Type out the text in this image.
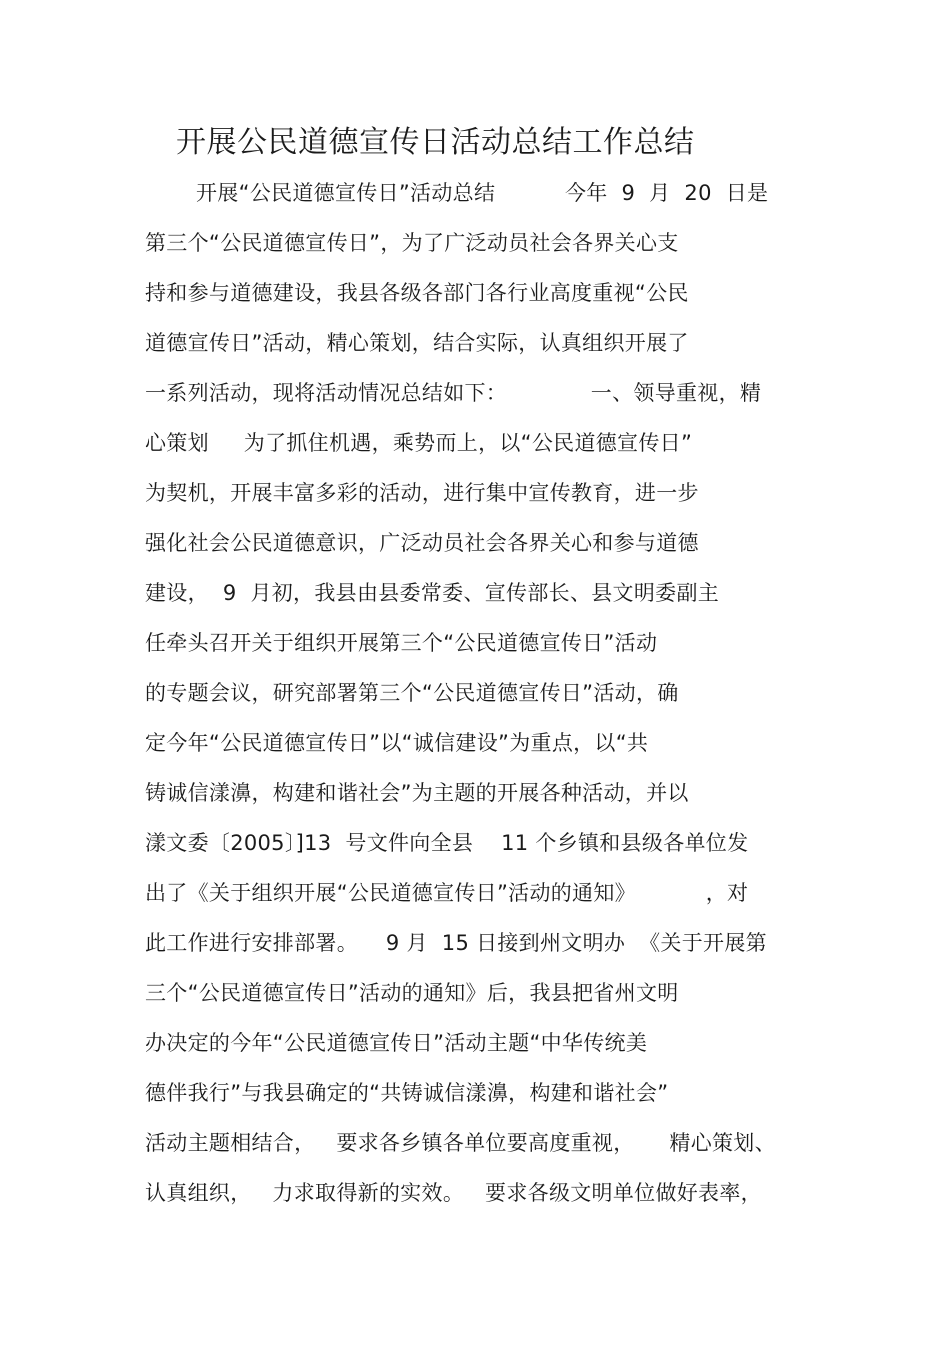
开展公民道德宣传日活动总结工作总结
开展“公民道德宣传日”活动总结          今年  9  月  20  日是
第三个“公民道德宣传日”，为了广泛动员社会各界关心支
持和参与道德建设，我县各级各部门各行业高度重视“公民
道德宣传日”活动，精心策划，结合实际，认真组织开展了
一系列活动，现将活动情况总结如下：            一、领导重视，精
心策划     为了抓住机遇，乘势而上，以“公民道德宣传日”
为契机，开展丰富多彩的活动，进行集中宣传教育，进一步
强化社会公民道德意识，广泛动员社会各界关心和参与道德
建设，  9  月初，我县由县委常委、宣传部长、县文明委副主
任牵头召开关于组织开展第三个“公民道德宣传日”活动
的专题会议，研究部署第三个“公民道德宣传日”活动，确
定今年“公民道德宣传日”以“诚信建设”为重点，以“共
铸诚信漾濞，构建和谐社会”为主题的开展各种活动，并以
漾文委〔2005〕]13  号文件向全县    11 个乡镇和县级各单位发
出了《关于组织开展“公民道德宣传日”活动的通知》          ，对
此工作进行安排部署。    9 月  15 日接到州文明办  《关于开展第
三个“公民道德宣传日”活动的通知》后，我县把省州文明
办决定的今年“公民道德宣传日”活动主题“中华传统美
德伴我行”与我县确定的“共铸诚信漾濞，构建和谐社会”
活动主题相结合，   要求各乡镇各单位要高度重视，     精心策划、
认真组织，   力求取得新的实效。   要求各级文明单位做好表率，
